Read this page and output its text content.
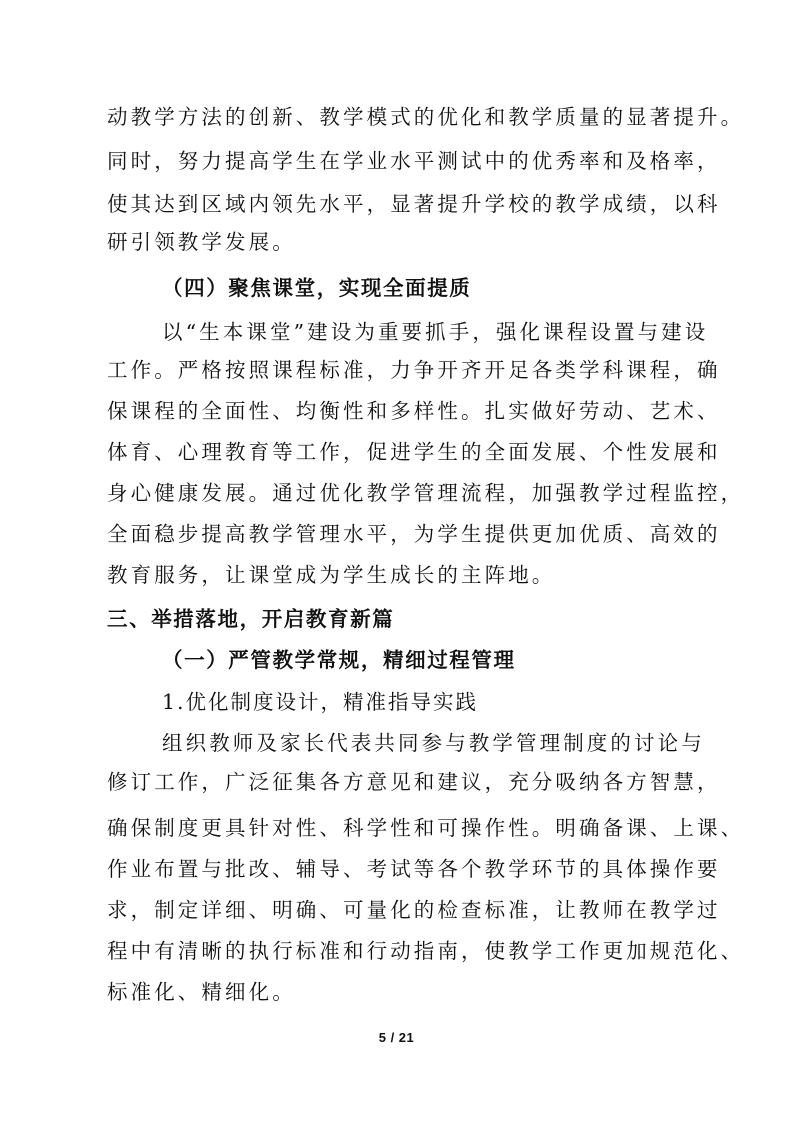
动教学方法的创新、教学模式的优化和教学质量的显著提升。
同时，努力提高学生在学业水平测试中的优秀率和及格率，
使其达到区域内领先水平，显著提升学校的教学成绩，以科
研引领教学发展。
（四）聚焦课堂，实现全面提质
以“生本课堂”建设为重要抓手，强化课程设置与建设
工作。严格按照课程标准，力争开齐开足各类学科课程，确
保课程的全面性、均衡性和多样性。扎实做好劳动、艺术、
体育、心理教育等工作，促进学生的全面发展、个性发展和
身心健康发展。通过优化教学管理流程，加强教学过程监控，
全面稳步提高教学管理水平，为学生提供更加优质、高效的
教育服务，让课堂成为学生成长的主阵地。
三、举措落地，开启教育新篇
（一）严管教学常规，精细过程管理
1.优化制度设计，精准指导实践
组织教师及家长代表共同参与教学管理制度的讨论与
修订工作，广泛征集各方意见和建议，充分吸纳各方智慧，
确保制度更具针对性、科学性和可操作性。明确备课、上课、
作业布置与批改、辅导、考试等各个教学环节的具体操作要
求，制定详细、明确、可量化的检查标准，让教师在教学过
程中有清晰的执行标准和行动指南，使教学工作更加规范化、
标准化、精细化。
5 / 21
